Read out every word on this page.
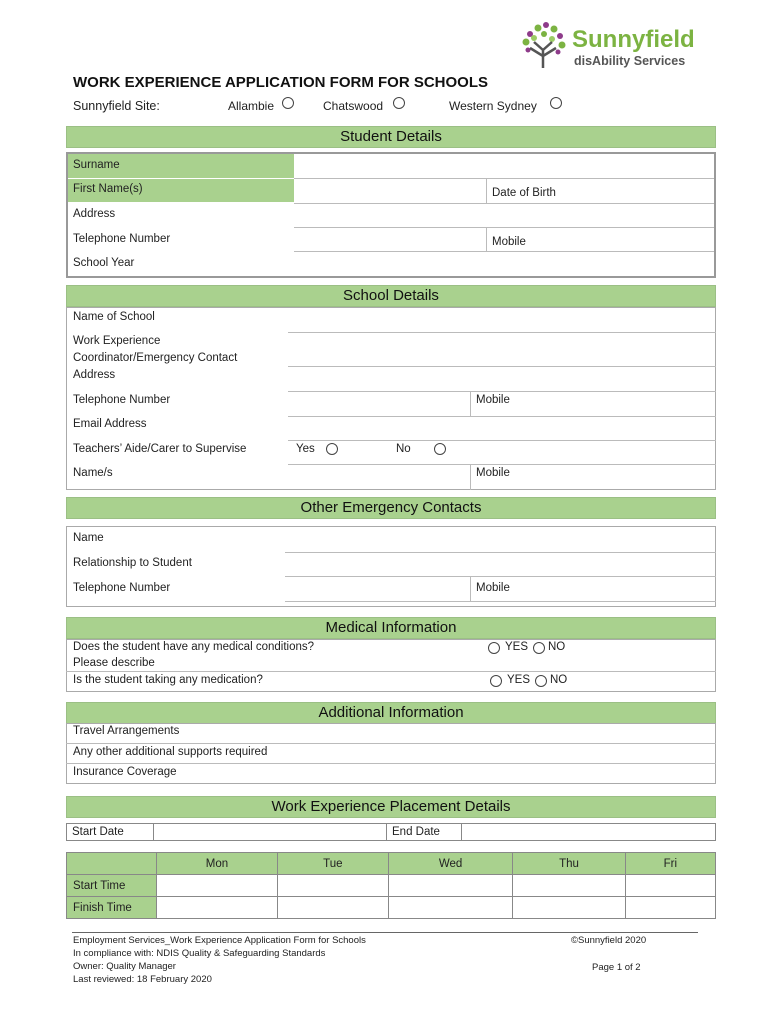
Sunnyfield
disAbility Services
WORK EXPERIENCE APPLICATION FORM FOR SCHOOLS
Sunnyfield Site:	Allambie	Chatswood	Western Sydney
Student Details
Surname
First Name(s)	Date of Birth
Address
Telephone Number	Mobile
School Year
School Details
Name of School
Work Experience
Coordinator/Emergency Contact
Address
Telephone Number	Mobile
Email Address
Teachers’ Aide/Carer to Supervise	Yes	No
Name/s	Mobile
Other Emergency Contacts
Name
Relationship to Student
Telephone Number	Mobile
Medical Information
Does the student have any medical conditions?
Please describe
YES NO
Is the student taking any medication?	YES NO
Additional Information
Travel Arrangements
Any other additional supports required
Insurance Coverage
Work Experience Placement Details
Start Date	End Date
	Mon	Tue	Wed	Thu	Fri
Start Time					
Finish Time					
Employment Services_Work Experience Application Form for Schools
In compliance with: NDIS Quality & Safeguarding Standards
Owner: Quality Manager
Last reviewed: 18 February 2020
©Sunnyfield 2020
Page 1 of 2
